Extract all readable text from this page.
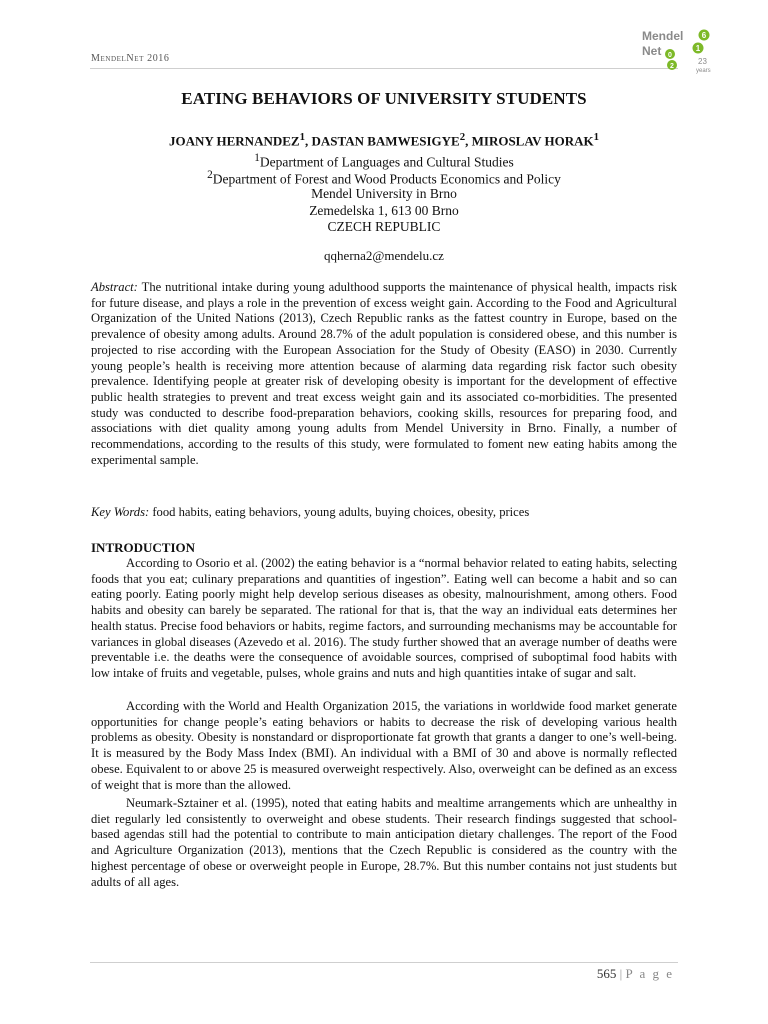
MendelNet 2016
Mendel 6
Net	1
0
2
23
years
EATING BEHAVIORS OF UNIVERSITY STUDENTS
JOANY HERNANDEZ$^1$, DASTAN BAMWESIGYE$^2$, MIROSLAV HORAK$^1$
$^1$Department of Languages and Cultural Studies
$^2$Department of Forest and Wood Products Economics and Policy
Mendel University in Brno
Zemedelska 1, 613 00 Brno
CZECH REPUBLIC
qqherna2@mendelu.cz

Abstract: The nutritional intake during young adulthood supports the maintenance of physical health, impacts risk for future disease, and plays a role in the prevention of excess weight gain. According to the Food and Agricultural Organization of the United Nations (2013), Czech Republic ranks as the fattest country in Europe, based on the prevalence of obesity among adults. Around 28.7% of the adult population is considered obese, and this number is projected to rise according with the European Association for the Study of Obesity (EASO) in 2030. Currently young people’s health is receiving more attention because of alarming data regarding risk factor such obesity prevalence. Identifying people at greater risk of developing obesity is important for the development of effective public health strategies to prevent and treat excess weight gain and its associated co-morbidities. The presented study was conducted to describe food-preparation behaviors, cooking skills, resources for preparing food, and associations with diet quality among young adults from Mendel University in Brno. Finally, a number of recommendations, according to the results of this study, were formulated to foment new eating habits among the experimental sample.

Key Words: food habits, eating behaviors, young adults, buying choices, obesity, prices

INTRODUCTION

According to Osorio et al. (2002) the eating behavior is a “normal behavior related to eating habits, selecting foods that you eat; culinary preparations and quantities of ingestion”. Eating well can become a habit and so can eating poorly. Eating poorly might help develop serious diseases as obesity, malnourishment, among others. Food habits and obesity can barely be separated. The rational for that is, that the way an individual eats determines her health status. Precise food behaviors or habits, regime factors, and surrounding mechanisms may be accountable for variances in global diseases (Azevedo et al. 2016). The study further showed that an average number of deaths were preventable i.e. the deaths were the consequence of avoidable sources, comprised of suboptimal food habits with low intake of fruits and vegetable, pulses, whole grains and nuts and high quantities intake of sugar and salt.

According with the World and Health Organization 2015, the variations in worldwide food market generate opportunities for change people’s eating behaviors or habits to decrease the risk of developing various health problems as obesity. Obesity is nonstandard or disproportionate fat growth that grants a danger to one’s well-being. It is measured by the Body Mass Index (BMI). An individual with a BMI of 30 and above is normally reflected obese. Equivalent to or above 25 is measured overweight respectively. Also, overweight can be defined as an excess of weight that is more than the allowed.

Neumark-Sztainer et al. (1995), noted that eating habits and mealtime arrangements which are unhealthy in diet regularly led consistently to overweight and obese students. Their research findings suggested that school-based agendas still had the potential to contribute to main anticipation dietary challenges. The report of the Food and Agriculture Organization (2013), mentions that the Czech Republic is considered as the country with the highest percentage of obese or overweight people in Europe, 28.7%. But this number contains not just students but adults of all ages.

565 | P a g e
